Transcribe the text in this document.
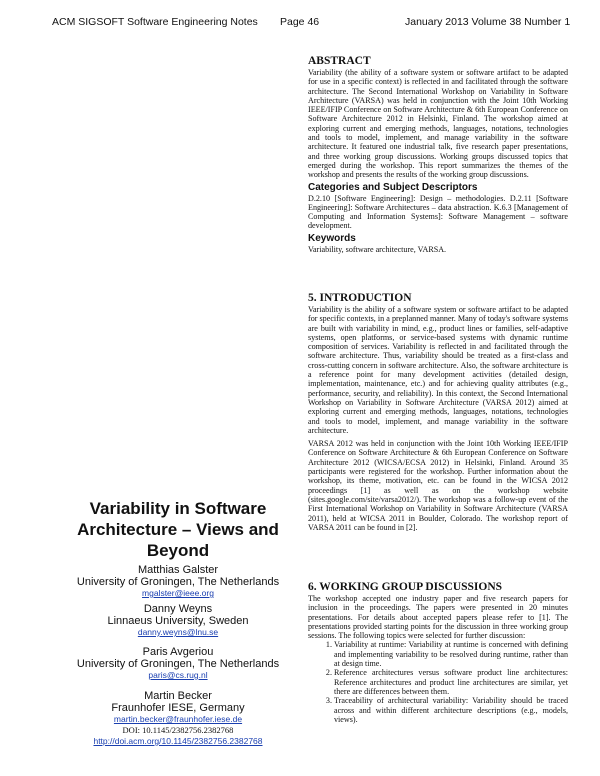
ACM SIGSOFT Software Engineering Notes Page 46	January 2013 Volume 38 Number 1
Variability in Software Architecture – Views and Beyond

Matthias Galster

University of Groningen, The Netherlands

mgalster@ieee.org

Danny Weyns

Linnaeus University, Sweden

danny.weyns@lnu.se

Paris Avgeriou

University of Groningen, The Netherlands

paris@cs.rug.nl

Martin Becker

Fraunhofer IESE, Germany

martin.becker@fraunhofer.iese.de

DOI: 10.1145/2382756.2382768

http://doi.acm.org/10.1145/2382756.2382768

ABSTRACT

Variability (the ability of a software system or software artifact to be adapted for use in a specific context) is reflected in and facilitated through the software architecture. The Second International Workshop on Variability in Software Architecture (VARSA) was held in conjunction with the Joint 10th Working IEEE/IFIP Conference on Software Architecture & 6th European Conference on Software Architecture 2012 in Helsinki, Finland. The workshop aimed at exploring current and emerging methods, languages, notations, technologies and tools to model, implement, and manage variability in the software architecture. It featured one industrial talk, five research paper presentations, and three working group discussions. Working groups discussed topics that emerged during the workshop. This report summarizes the themes of the workshop and presents the results of the working group discussions.

Categories and Subject Descriptors

D.2.10 [Software Engineering]: Design – methodologies. D.2.11 [Software Engineering]: Software Architectures – data abstraction. K.6.3 [Management of Computing and Information Systems]: Software Management – software development.

Keywords

Variability, software architecture, VARSA.

5. INTRODUCTION

Variability is the ability of a software system or software artifact to be adapted for specific contexts, in a preplanned manner. Many of today's software systems are built with variability in mind, e.g., product lines or families, self-adaptive systems, open platforms, or service-based systems with dynamic runtime composition of services. Variability is reflected in and facilitated through the software architecture. Thus, variability should be treated as a first-class and cross-cutting concern in software architecture. Also, the software architecture is a reference point for many development activities (detailed design, implementation, maintenance, etc.) and for achieving quality attributes (e.g., performance, security, and reliability). In this context, the Second International Workshop on Variability in Software Architecture (VARSA 2012) aimed at exploring current and emerging methods, languages, notations, technologies and tools to model, implement, and manage variability in the software architecture.

VARSA 2012 was held in conjunction with the Joint 10th Working IEEE/IFIP Conference on Software Architecture & 6th European Conference on Software Architecture 2012 (WICSA/ECSA 2012) in Helsinki, Finland. Around 35 participants were registered for the workshop. Further information about the workshop, its theme, motivation, etc. can be found in the WICSA 2012 proceedings [1] as well as on the workshop website (sites.google.com/site/varsa2012/). The workshop was a follow-up event of the First International Workshop on Variability in Software Architecture (VARSA 2011), held at WICSA 2011 in Boulder, Colorado. The workshop report of VARSA 2011 can be found in [2].

6. WORKING GROUP DISCUSSIONS

The workshop accepted one industry paper and five research papers for inclusion in the proceedings. The papers were presented in 20 minutes presentations. For details about accepted papers please refer to [1]. The presentations provided starting points for the discussion in three working group sessions. The following topics were selected for further discussion:

1. Variability at runtime: Variability at runtime is concerned with defining and implementing variability to be resolved during runtime, rather than at design time.
2. Reference architectures versus software product line architectures: Reference architectures and product line architectures are similar, yet there are differences between them.
3. Traceability of architectural variability: Variability should be traced across and within different architecture descriptions (e.g., models, views).
